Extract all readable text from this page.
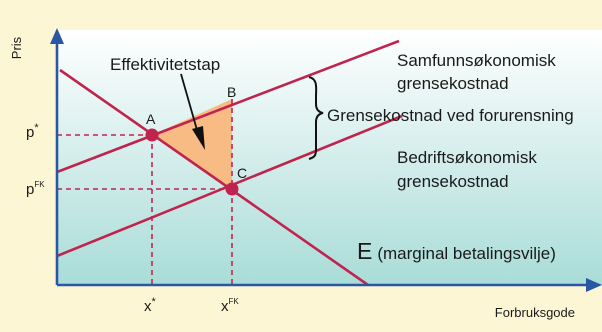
A
B
C
Pris
Forbruksgode
p*
$p^{FK}$
x*	$x^{FK}$
Effektivitetstap
Grensekostnad ved forurensning
Samfunnsøkonomisk
grensekostnad
Bedriftsøkonomisk
grensekostnad
E (marginal betalingsvilje)
